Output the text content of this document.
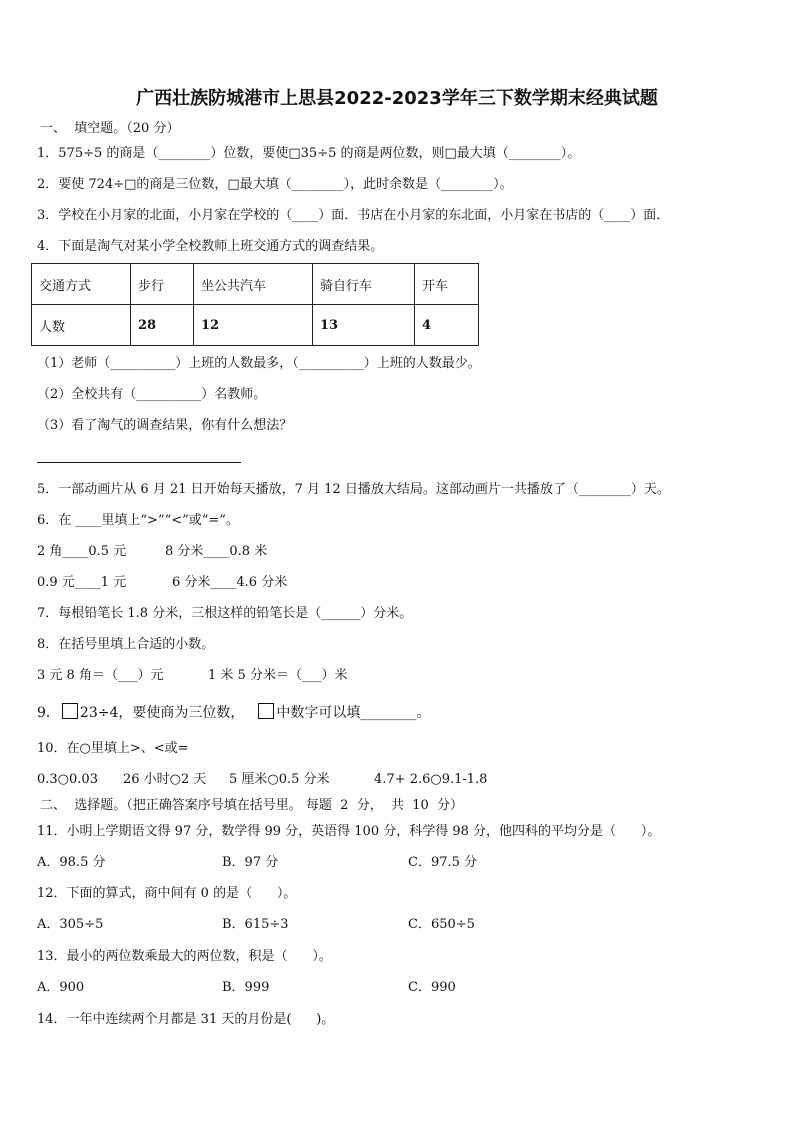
广西壮族防城港市上思县2022-2023学年三下数学期末经典试题
一、  填空题。（20 分）
1．575÷5 的商是（________）位数，要使□35÷5 的商是两位数，则□最大填（________）。
2．要使 724÷□的商是三位数，□最大填（________），此时余数是（________）。
3．学校在小月家的北面，小月家在学校的（____）面．书店在小月家的东北面，小月家在书店的（____）面．
4．下面是淘气对某小学全校教师上班交通方式的调查结果。
交通方式	步行	坐公共汽车	骑自行车	开车
人数	28	12	13	4
（1）老师（__________）上班的人数最多，（__________）上班的人数最少。
（2）全校共有（__________）名教师。
（3）看了淘气的调查结果，你有什么想法？
5．一部动画片从 6 月 21 日开始每天播放，7 月 12 日播放大结局。这部动画片一共播放了（________）天。
6．在 ____里填上“>”“<”或“=”。
2 角____0.5 元	8 分米____0.8 米
0.9 元____1 元	6 分米____4.6 分米
7．每根铅笔长 1.8 分米，三根这样的铅笔长是（______）分米。
8．在括号里填上合适的小数。
3 元 8 角＝（___）元	1 米 5 分米＝（___）米
9． 23÷4，要使商为三位数， 中数字可以填________。
10．在○里填上>、<或=
0.3○0.03 26 小时○2 天 5 厘米○0.5 分米	4.7+ 2.6○9.1-1.8
二、  选择题。（把正确答案序号填在括号里。 每题  2  分，  共  10  分）
11．小明上学期语文得 97 分，数学得 99 分，英语得 100 分，科学得 98 分，他四科的平均分是（      ）。
A．98.5 分	B．97 分	C．97.5 分
12．下面的算式，商中间有 0 的是（      ）。
A．305÷5	B．615÷3	C．650÷5
13．最小的两位数乘最大的两位数，积是（      ）。
A．900	B．999	C．990
14．一年中连续两个月都是 31 天的月份是(      )。
